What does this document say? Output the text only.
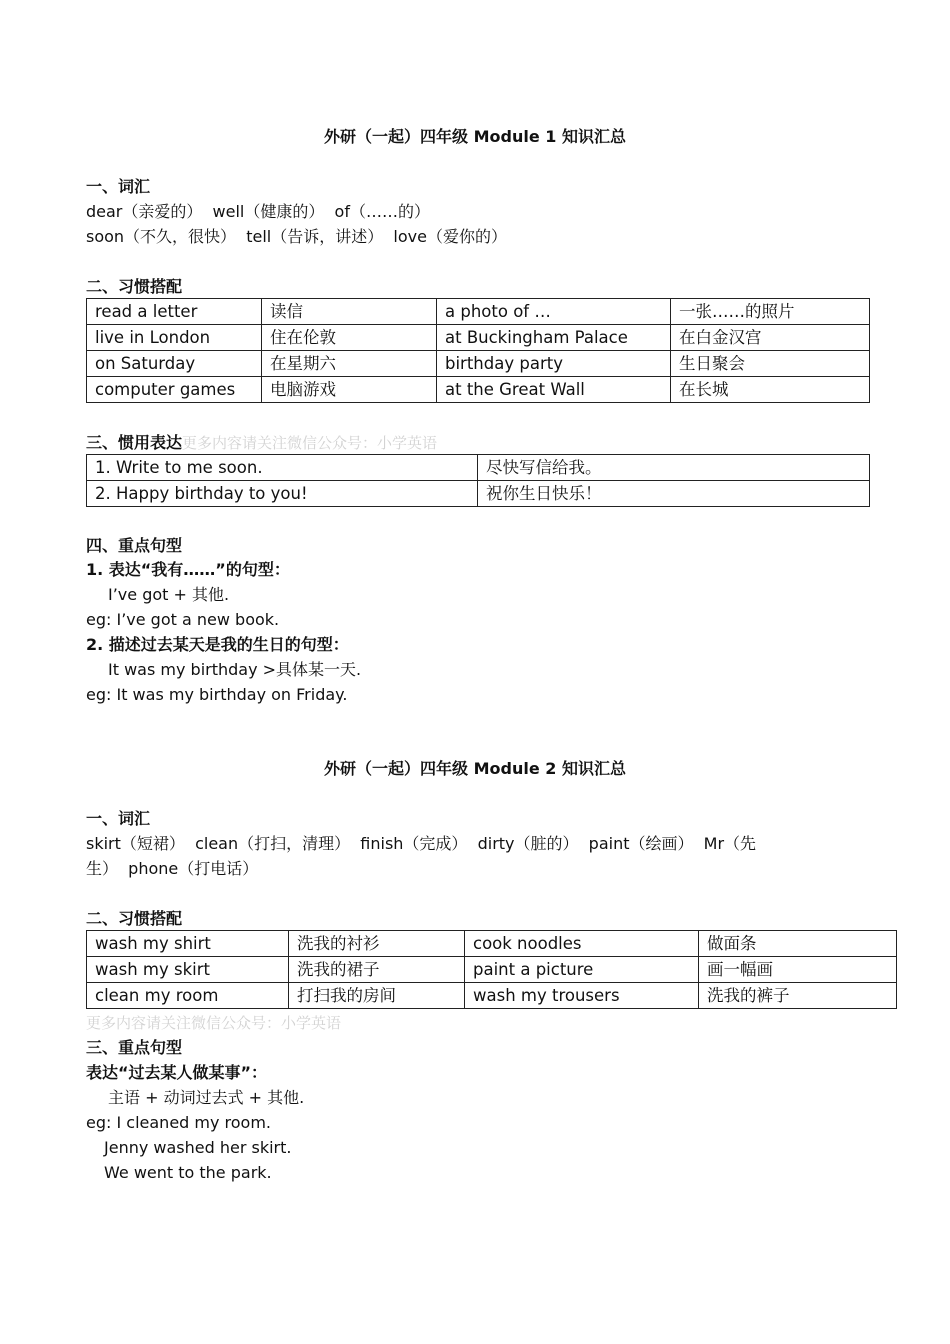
外研（一起）四年级 Module 1 知识汇总
一、词汇
dear（亲爱的）  well（健康的）  of（……的）
soon（不久，很快）  tell（告诉，讲述）  love（爱你的）
二、习惯搭配
read a letter	读信	a photo of …	一张……的照片
live in London	住在伦敦	at Buckingham Palace	在白金汉宫
on Saturday	在星期六	birthday party	生日聚会
computer games	电脑游戏	at the Great Wall	在长城
三、惯用表达更多内容请关注微信公众号：小学英语
1. Write to me soon.	尽快写信给我。
2. Happy birthday to you!	祝你生日快乐！
四、重点句型
1. 表达“我有……”的句型：
I’ve got + 其他.
eg: I’ve got a new book.
2. 描述过去某天是我的生日的句型：
It was my birthday >具体某一天.
eg: It was my birthday on Friday.
外研（一起）四年级 Module 2 知识汇总
一、词汇
skirt（短裙）  clean（打扫，清理）  finish（完成）  dirty（脏的）  paint（绘画）  Mr（先
生）  phone（打电话）
二、习惯搭配
wash my shirt	洗我的衬衫	cook noodles	做面条
wash my skirt	洗我的裙子	paint a picture	画一幅画
clean my room	打扫我的房间	wash my trousers	洗我的裤子
更多内容请关注微信公众号：小学英语
三、重点句型
表达“过去某人做某事”：
主语 + 动词过去式 + 其他.
eg: I cleaned my room.
Jenny washed her skirt.
We went to the park.
